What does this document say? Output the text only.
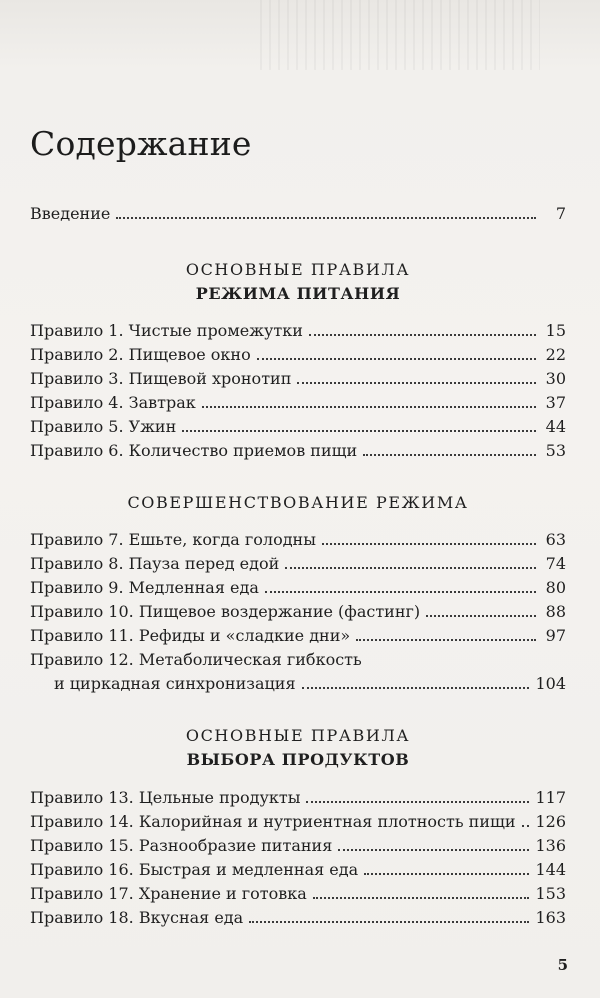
Содержание
Введение	7
ОСНОВНЫЕ ПРАВИЛА
РЕЖИМА ПИТАНИЯ
Правило 1. Чистые промежутки	15
Правило 2. Пищевое окно	22
Правило 3. Пищевой хронотип	30
Правило 4. Завтрак	37
Правило 5. Ужин	44
Правило 6. Количество приемов пищи	53
СОВЕРШЕНСТВОВАНИЕ РЕЖИМА
Правило 7. Ешьте, когда голодны	63
Правило 8. Пауза перед едой	74
Правило 9. Медленная еда	80
Правило 10. Пищевое воздержание (фастинг)	88
Правило 11. Рефиды и «сладкие дни»	97
Правило 12. Метаболическая гибкость
и циркадная синхронизация	104
ОСНОВНЫЕ ПРАВИЛА
ВЫБОРА ПРОДУКТОВ
Правило 13. Цельные продукты	117
Правило 14. Калорийная и нутриентная плотность пищи 126
Правило 15. Разнообразие питания	136
Правило 16. Быстрая и медленная еда	144
Правило 17. Хранение и готовка	153
Правило 18. Вкусная еда	163
5
